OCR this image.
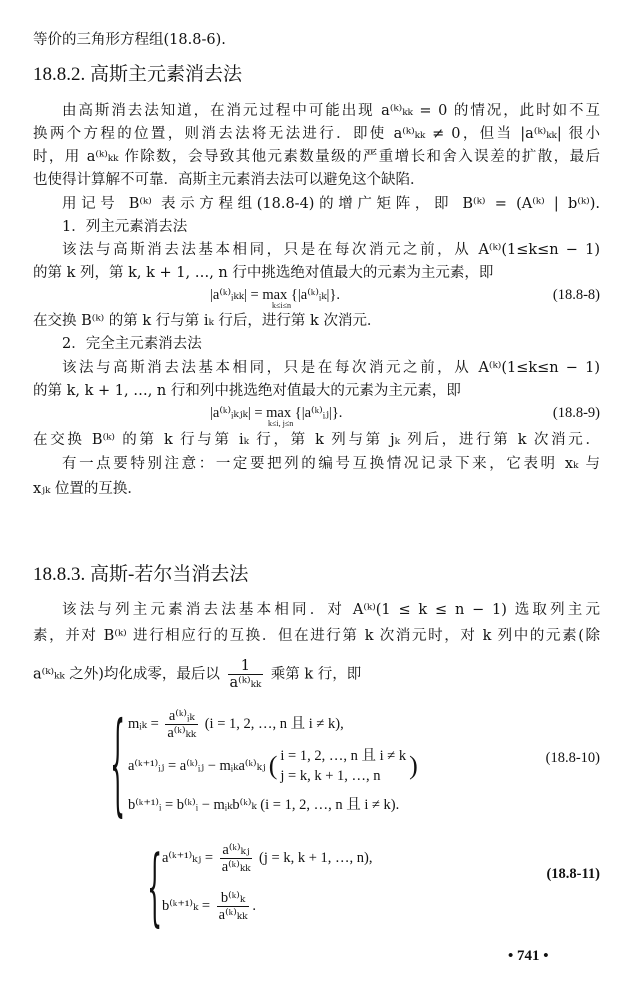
等价的三角形方程组(18.8-6).
18.8.2. 高斯主元素消去法
由高斯消去法知道，在消元过程中可能出现 a⁽ᵏ⁾ₖₖ = 0 的情况，此时如不互
换两个方程的位置，则消去法将无法进行．即使 a⁽ᵏ⁾ₖₖ ≠ 0，但当 |a⁽ᵏ⁾ₖₖ| 很小
时，用 a⁽ᵏ⁾ₖₖ 作除数，会导致其他元素数量级的严重增长和舍入误差的扩散，最后
也使得计算解不可靠．高斯主元素消去法可以避免这个缺陷．
用记号 B⁽ᵏ⁾ 表示方程组(18.8-4)的增广矩阵，即 B⁽ᵏ⁾ = (A⁽ᵏ⁾ | b⁽ᵏ⁾).
1．列主元素消去法
该法与高斯消去法基本相同，只是在每次消元之前，从 A⁽ᵏ⁾(1≤k≤n − 1)
的第 k 列，第 k, k + 1, …, n 行中挑选绝对值最大的元素为主元素，即
|a⁽ᵏ⁾ᵢₖₖ| = max {|a⁽ᵏ⁾ᵢₖ|}.
k≤i≤n
(18.8-8)
在交换 B⁽ᵏ⁾ 的第 k 行与第 iₖ 行后，进行第 k 次消元．
2．完全主元素消去法
该法与高斯消去法基本相同，只是在每次消元之前，从 A⁽ᵏ⁾(1≤k≤n − 1)
的第 k, k + 1, …, n 行和列中挑选绝对值最大的元素为主元素，即
|a⁽ᵏ⁾ᵢₖⱼₖ| = max {|a⁽ᵏ⁾ᵢⱼ|}.
k≤i, j≤n
(18.8-9)
在交换 B⁽ᵏ⁾ 的第 k 行与第 iₖ 行，第 k 列与第 jₖ 列后，进行第 k 次消元．
有一点要特别注意：一定要把列的编号互换情况记录下来，它表明 xₖ 与
xⱼₖ 位置的互换．
18.8.3. 高斯-若尔当消去法
该法与列主元素消去法基本相同．对 A⁽ᵏ⁾(1 ≤ k ≤ n − 1) 选取列主元
素，并对 B⁽ᵏ⁾ 进行相应行的互换．但在进行第 k 次消元时，对 k 列中的元素(除
a⁽ᵏ⁾ₖₖ 之外)均化成零，最后以 $\frac{1}{\text{a⁽ᵏ⁾ₖₖ}}$ 乘第 k 行，即
{ mᵢₖ = $\frac{\text{a⁽ᵏ⁾ᵢₖ}}{\text{a⁽ᵏ⁾ₖₖ}} (i = 1$, 2, …, n 且 i ≠ k),
a⁽ᵏ⁺¹⁾ᵢⱼ = a⁽ᵏ⁾ᵢⱼ − mᵢₖa⁽ᵏ⁾ₖⱼ ( i = 1, 2, …, n 且 i ≠ k
j = k, k + 1, …, n	)	(18.8-10)
b⁽ᵏ⁺¹⁾ᵢ = b⁽ᵏ⁾ᵢ − mᵢₖb⁽ᵏ⁾ₖ (i = 1, 2, …, n 且 i ≠ k).
{ a⁽ᵏ⁺¹⁾ₖⱼ = $\frac{\text{a⁽ᵏ⁾ₖⱼ}}{\text{a⁽ᵏ⁾ₖₖ}} (j = k$, k + 1, …, n),
(18.8-11)
b⁽ᵏ⁺¹⁾ₖ = $\frac{\text{b⁽ᵏ⁾ₖ}}{\text{a⁽ᵏ⁾ₖₖ}}$ .
• 741 •
